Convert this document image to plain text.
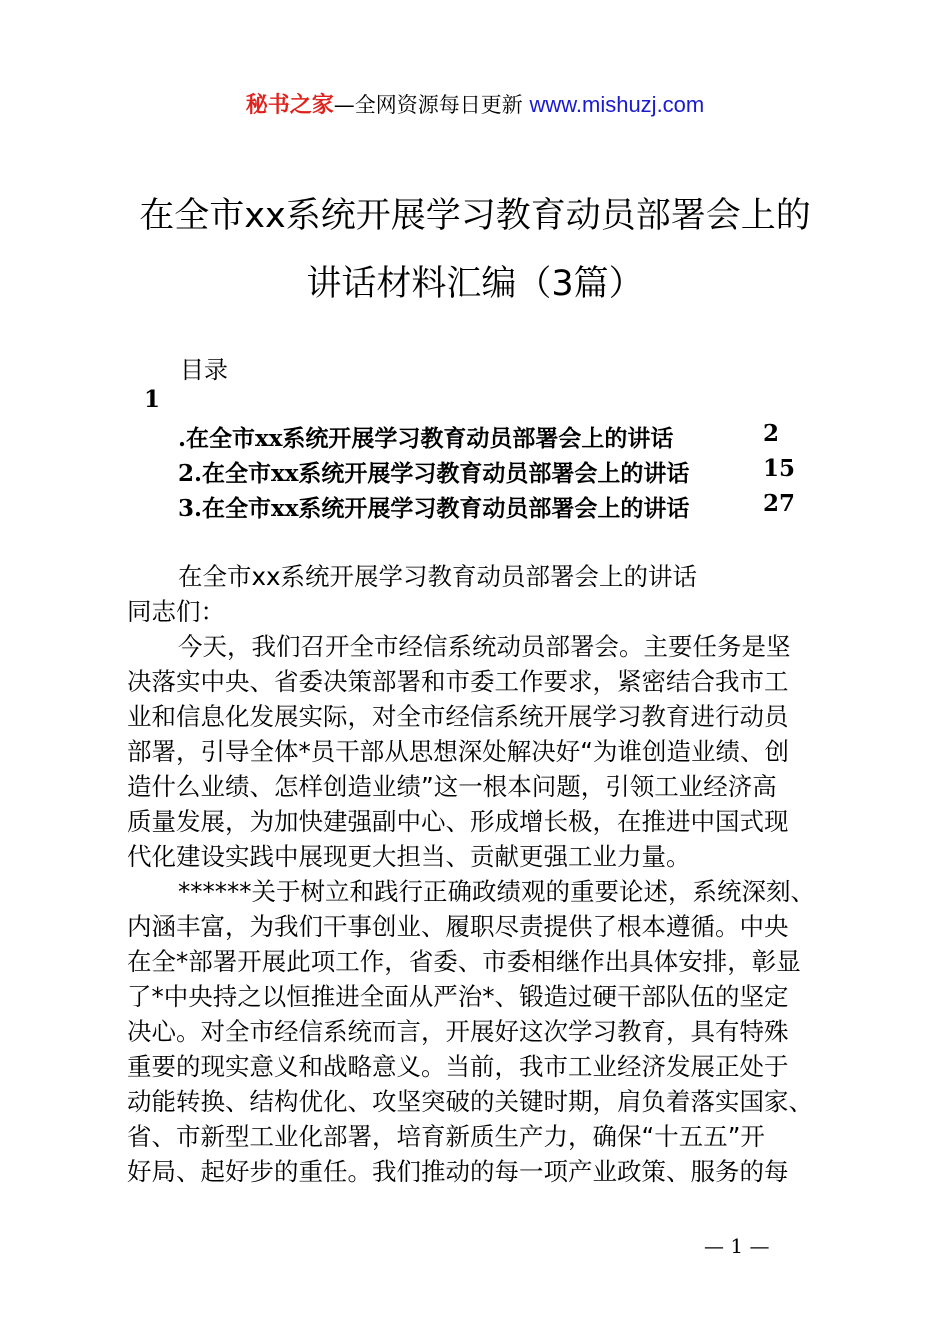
秘书之家—全网资源每日更新 www.mishuzj.com
在全市xx系统开展学习教育动员部署会上的
讲话材料汇编（3篇）
目录
1
.在全市xx系统开展学习教育动员部署会上的讲话	2
2.在全市xx系统开展学习教育动员部署会上的讲话	15
3.在全市xx系统开展学习教育动员部署会上的讲话	27
在全市xx系统开展学习教育动员部署会上的讲话
同志们：
今天，我们召开全市经信系统动员部署会。主要任务是坚
决落实中央、省委决策部署和市委工作要求，紧密结合我市工
业和信息化发展实际，对全市经信系统开展学习教育进行动员
部署，引导全体*员干部从思想深处解决好“为谁创造业绩、创
造什么业绩、怎样创造业绩”这一根本问题，引领工业经济高
质量发展，为加快建强副中心、形成增长极，在推进中国式现
代化建设实践中展现更大担当、贡献更强工业力量。
******关于树立和践行正确政绩观的重要论述，系统深刻、
内涵丰富，为我们干事创业、履职尽责提供了根本遵循。中央
在全*部署开展此项工作，省委、市委相继作出具体安排，彰显
了*中央持之以恒推进全面从严治*、锻造过硬干部队伍的坚定
决心。对全市经信系统而言，开展好这次学习教育，具有特殊
重要的现实意义和战略意义。当前，我市工业经济发展正处于
动能转换、结构优化、攻坚突破的关键时期，肩负着落实国家、
省、市新型工业化部署，培育新质生产力，确保“十五五”开
好局、起好步的重任。我们推动的每一项产业政策、服务的每
— 1 —
